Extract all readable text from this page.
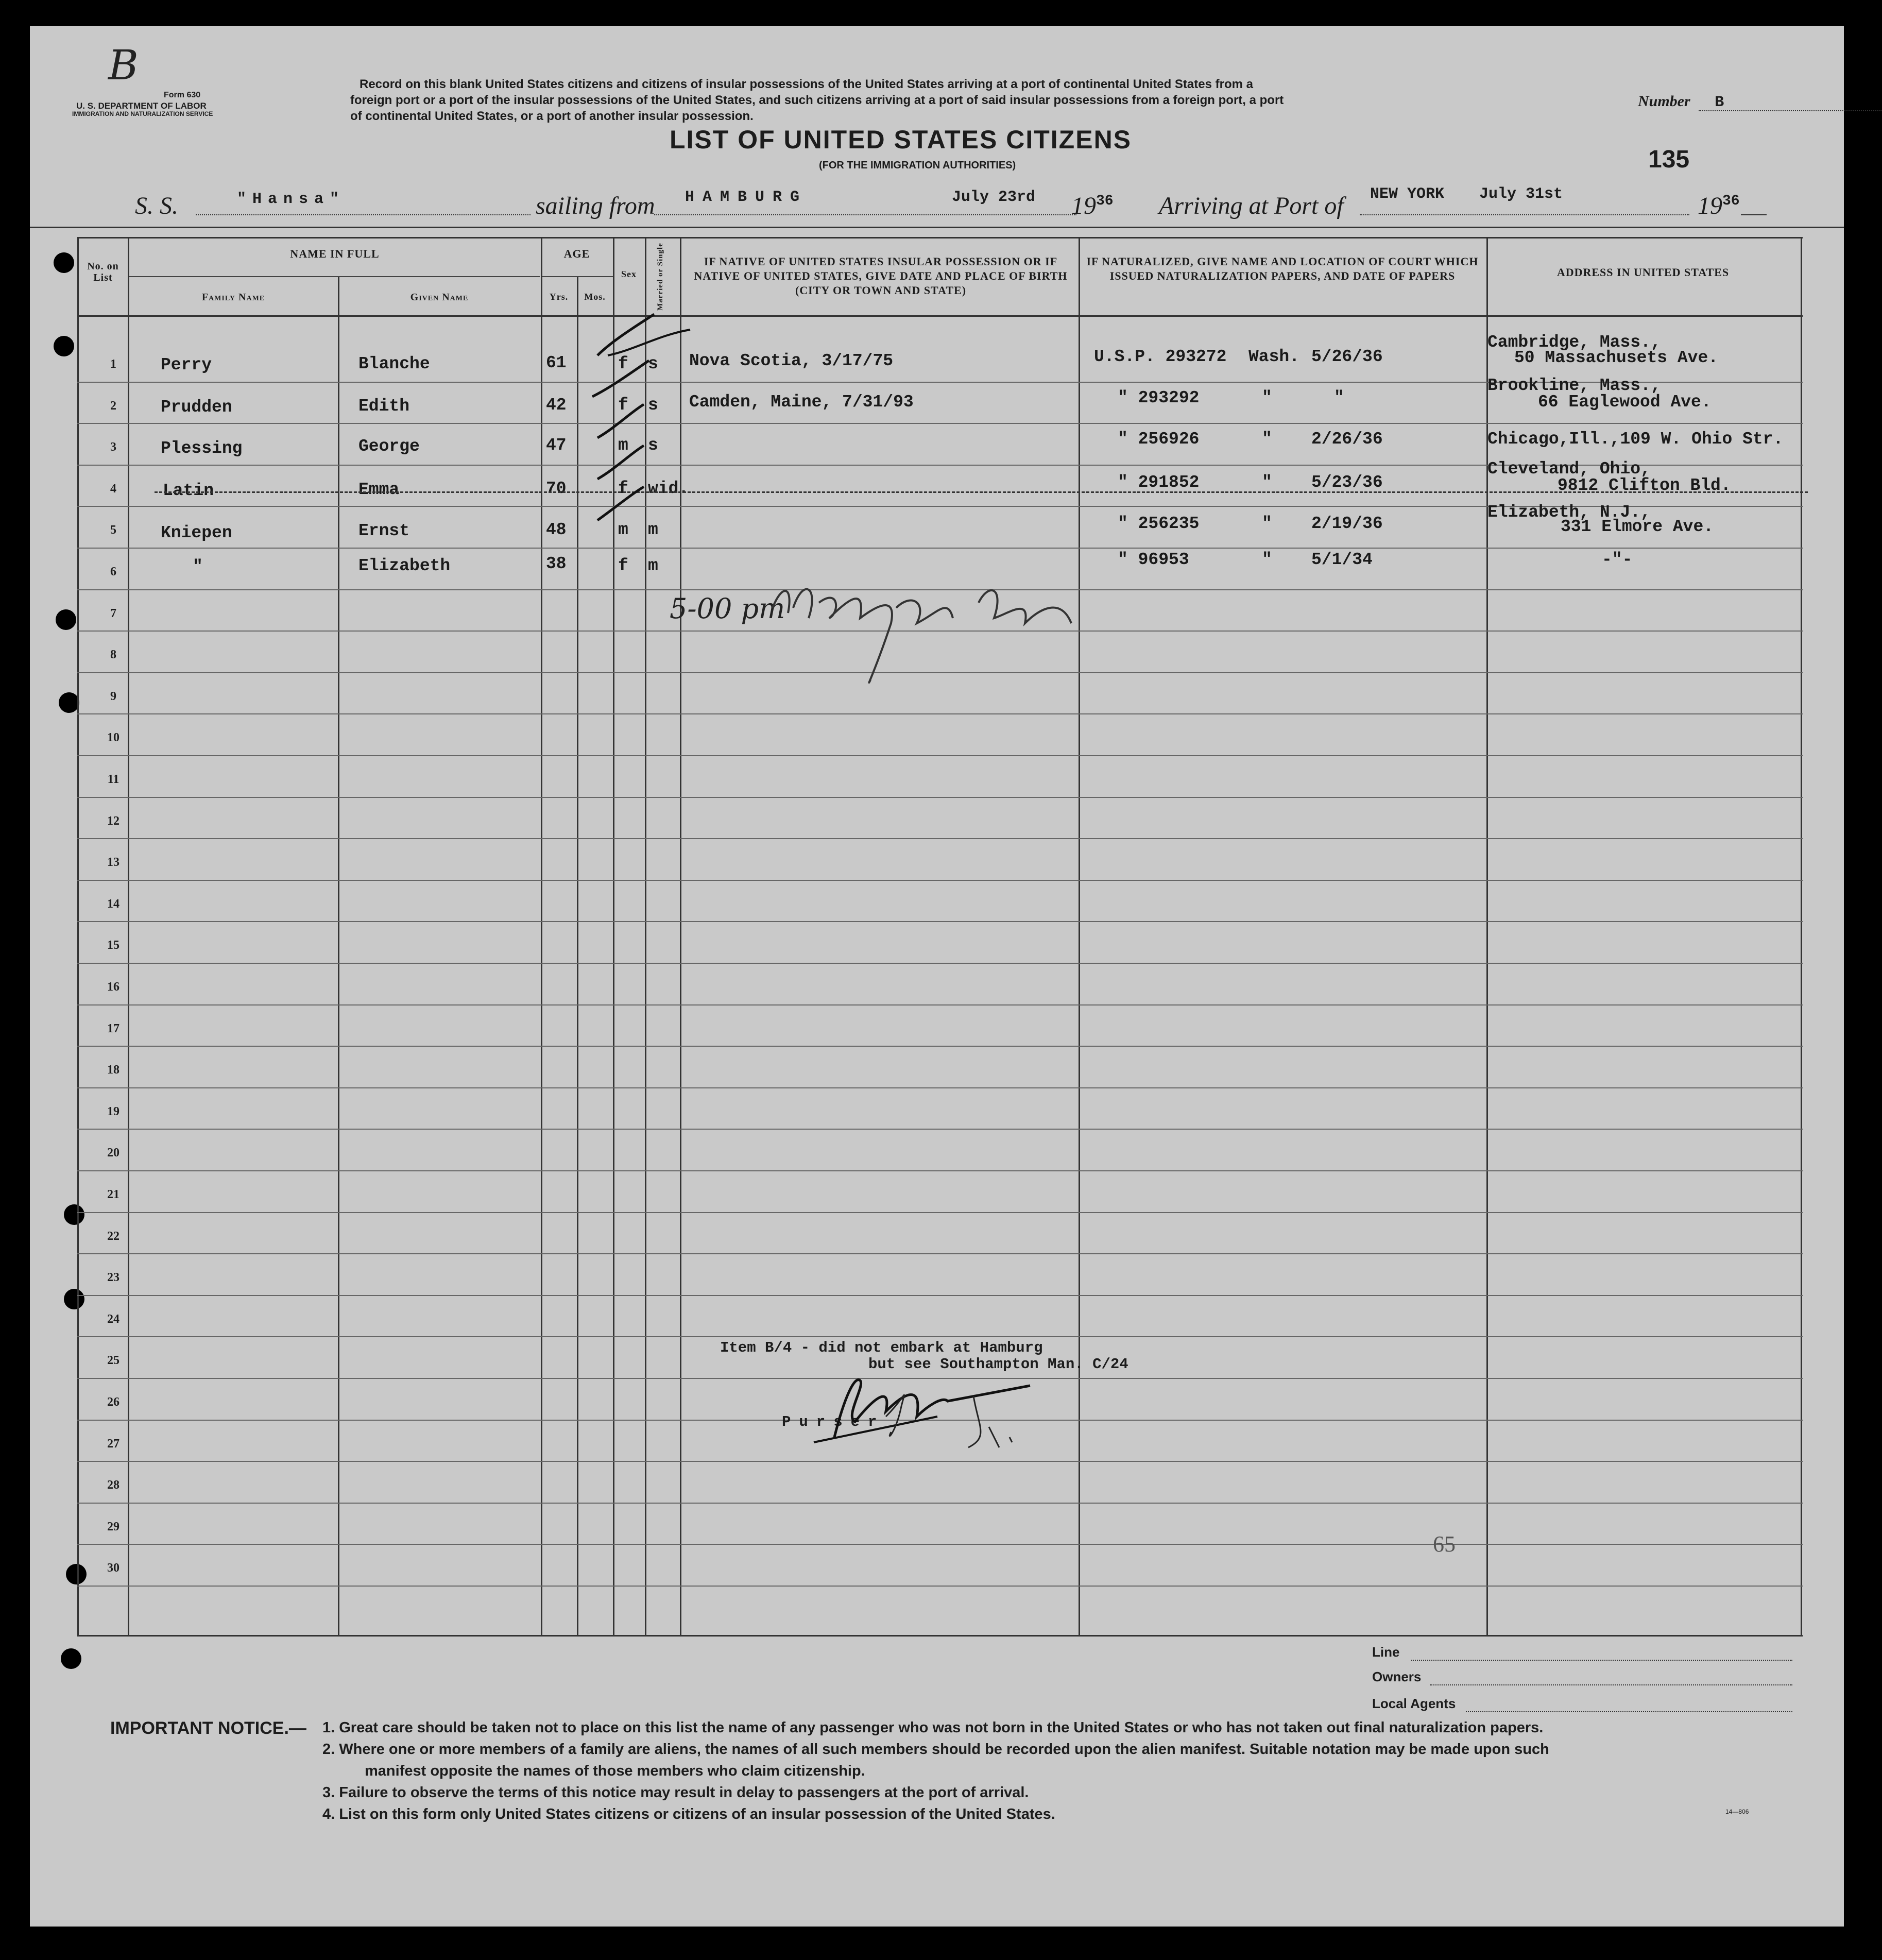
B
Form 630
U. S. DEPARTMENT OF LABOR
IMMIGRATION AND NATURALIZATION SERVICE
Record on this blank United States citizens and citizens of insular possessions of the United States arriving at a port of continental United States from a
foreign port or a port of the insular possessions of the United States, and such citizens arriving at a port of said insular possessions from a foreign port, a port
of continental United States, or a port of another insular possession.
Number B
LIST OF UNITED STATES CITIZENS
(FOR THE IMMIGRATION AUTHORITIES)	135
S. S.	"Hansa"	sailing from HAMBURG	July 23rd $19^{36}$ Arriving at Port of NEW YORK July 31st	$19^{36}$
No. on List
NAME IN FULL
Family Name	Given Name
AGE
Yrs.	Mos.
Sex	Married or Single	IF NATIVE OF UNITED STATES INSULAR POSSESSION OR IF NATIVE OF UNITED STATES, GIVE DATE AND PLACE OF BIRTH (CITY OR TOWN AND STATE)
IF NATURALIZED, GIVE NAME AND LOCATION OF COURT WHICH ISSUED NATURALIZATION PAPERS, AND DATE OF PAPERS	ADDRESS IN UNITED STATES
1
2
3
4
5
6
7
8
9
10
11
12
13
14
15
16
17
18
19
20
21
22
23
24
25
26
27
28
29
30
Perry	Blanche	61	f s Nova Scotia, 3/17/75	U.S.P. 293272 Wash. 5/26/36
Cambridge, Mass.,
50 Massachusets Ave.
Prudden	Edith	42	f s Camden, Maine, 7/31/93	" 293292	"	"
Brookline, Mass.,
66 Eaglewood Ave.
Plessing	George	47	m s	" 256926	" 2/26/36	Chicago,Ill.,109 W. Ohio Str.
Latin	Emma	70	f wid.	" 291852	" 5/23/36
Cleveland, Ohio,
9812 Clifton Bld.
Kniepen	Ernst	48	m m	" 256235	" 2/19/36
Elizabeth, N.J.,
331 Elmore Ave.
"	Elizabeth	38	f m	" 96953	" 5/1/34	-"-
5-00 pm
Item B/4 - did not embark at Hamburg
but see Southampton Man. C/24
Purser
65
Line
Owners
Local Agents
IMPORTANT NOTICE.— 1. Great care should be taken not to place on this list the name of any passenger who was not born in the United States or who has not taken out final naturalization papers.
2. Where one or more members of a family are aliens, the names of all such members should be recorded upon the alien manifest. Suitable notation may be made upon such
manifest opposite the names of those members who claim citizenship.
3. Failure to observe the terms of this notice may result in delay to passengers at the port of arrival.
4. List on this form only United States citizens or citizens of an insular possession of the United States.	14—806
